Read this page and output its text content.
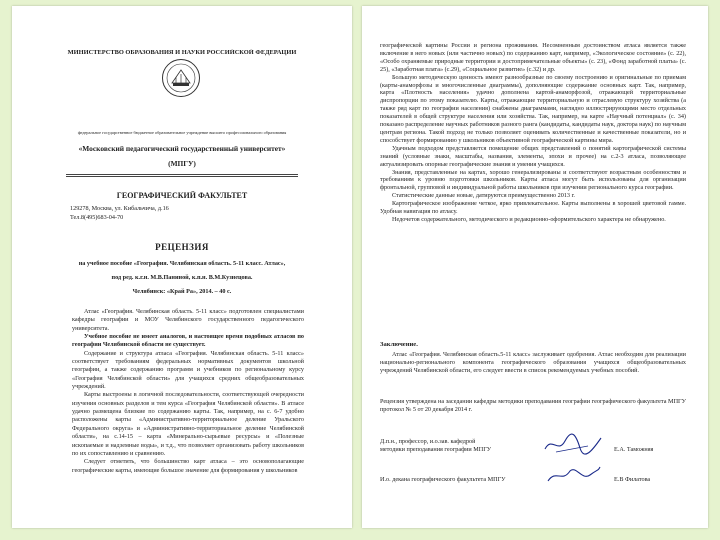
МИНИСТЕРСТВО ОБРАЗОВАНИЯ И НАУКИ РОССИЙСКОЙ ФЕДЕРАЦИИ
федеральное государственное бюджетное образовательное учреждение высшего профессионального образования
«Московский педагогический государственный университет»
(МПГУ)
ГЕОГРАФИЧЕСКИЙ ФАКУЛЬТЕТ
129278, Москва, ул. Кибальчича, д.16
Тел.8(495)683-04-70
РЕЦЕНЗИЯ
на учебное пособие «География. Челябинская область. 5-11 класс. Атлас»,
под ред. к.г.н. М.В.Паниной, к.п.н. В.М.Кузнецова.
Челябинск: «Край Ра», 2014. – 40 с.

Атлас «География. Челябинская область. 5-11 класс» подготовлен специалистами кафедры географии и МОУ Челябинского государственного педагогического университета.

Учебное пособие не имеет аналогов, и настоящее время подобных атласов по географии Челябинской области не существует.

Содержание и структура атласа «География. Челябинская область. 5-11 класс» соответствует требованиям федеральных нормативных документов школьной географии, а также содержанию программ и учебников по региональному курсу «География Челябинской области» для учащихся средних общеобразовательных учреждений.

Карты выстроены в логичной последовательности, соответствующей очередности изучения основных разделов и тем курса «География Челябинской области». В атласе удачно размещена близкие по содержанию карты. Так, например, на с. 6-7 удобно расположены карты «Административно-территориальное деление Уральского Федерального округа» и «Административно-территориальное деление Челябинской области», на с.14-15 – карта «Минерально-сырьевые ресурсы» и «Полезные ископаемые и надземные воды», и т.д., что позволяет организовать работу школьников по их сопоставлению и сравнению.

Следует отметить, что большинство карт атласа – это основополагающие географические карты, имеющие большое значение для формирования у школьников

географической картины России и региона проживания. Несомненным достоинством атласа является также включение в него новых (или частично новых) по содержанию карт, например, «Экологическое состояние» (с. 22), «Особо охраняемые природные территории и достопримечательные объекты» (с. 23), «Фонд заработной платы» (с. 25), «Заработная плата» (с.29), «Социальное развитие» (с.32) и др.

Большую методическую ценность имеют разнообразные по своему построению и оригинальные по приемам (карты-анаморфозы и многочисленные диаграммы), дополняющие содержание основных карт. Так, например, карта «Плотность населения» удачно дополнена картой-анаморфозой, отражающей территориальные диспропорции по этому показателю. Карты, отражающие территориальную и отраслевую структуру хозяйства (а также ряд карт по географии населения) снабжены диаграммами, наглядно иллюстрирующими место отдельных показателей в общей структуре населения или хозяйства. Так, например, на карте «Научный потенциал» (с. 34) показано распределение научных работников разного ранга (кандидаты, кандидаты наук, доктора наук) по научным центрам региона. Такой подход не только позволяет оценивать количественные и качественные показатели, но и способствует формированию у школьников объективной географической картины мира.

Удачным подходом представляется помещение общих представлений о понятий картографической системы знаний (условные знаки, масштабы, названия, элементы, эпохи и прочее) на с.2-3 атласа, позволяющее актуализировать опорные географические знания и умения учащихся.

Знания, представленные на картах, хорошо генерализированы и соответствуют возрастным особенностям и требованиям к уровню подготовки школьников. Карты атласа могут быть использованы для организации фронтальной, групповой и индивидуальной работы школьников при изучении регионального курса географии.

Статистические данные новые, датируются преимущественно 2013 г.

Картографическое изображение четкое, ярко привлекательное. Карты выполнены в хорошей цветовой гамме. Удобная навигация по атласу.

Недочетов содержательного, методического и редакционно-оформительского характера не обнаружено.

Заключение.

Атлас «География. Челябинская область.5-11 класс» заслуживает одобрения. Атлас необходим для реализации национально-регионального компонента географического образования учащихся общеобразовательных учреждений Челябинской области, его следует ввести в список рекомендуемых учебных пособий.

Рецензия утверждена на заседании кафедры методики преподавания географии географического факультета МПГУ протокол № 5 от 20 декабря 2014 г.

Д.п.н., профессор, и.о.зав. кафедрой
методики преподавания географии МПГУ	Е.А. Таможняя
И.о. декана географического факультета МПГУ	Е.В Филатова
